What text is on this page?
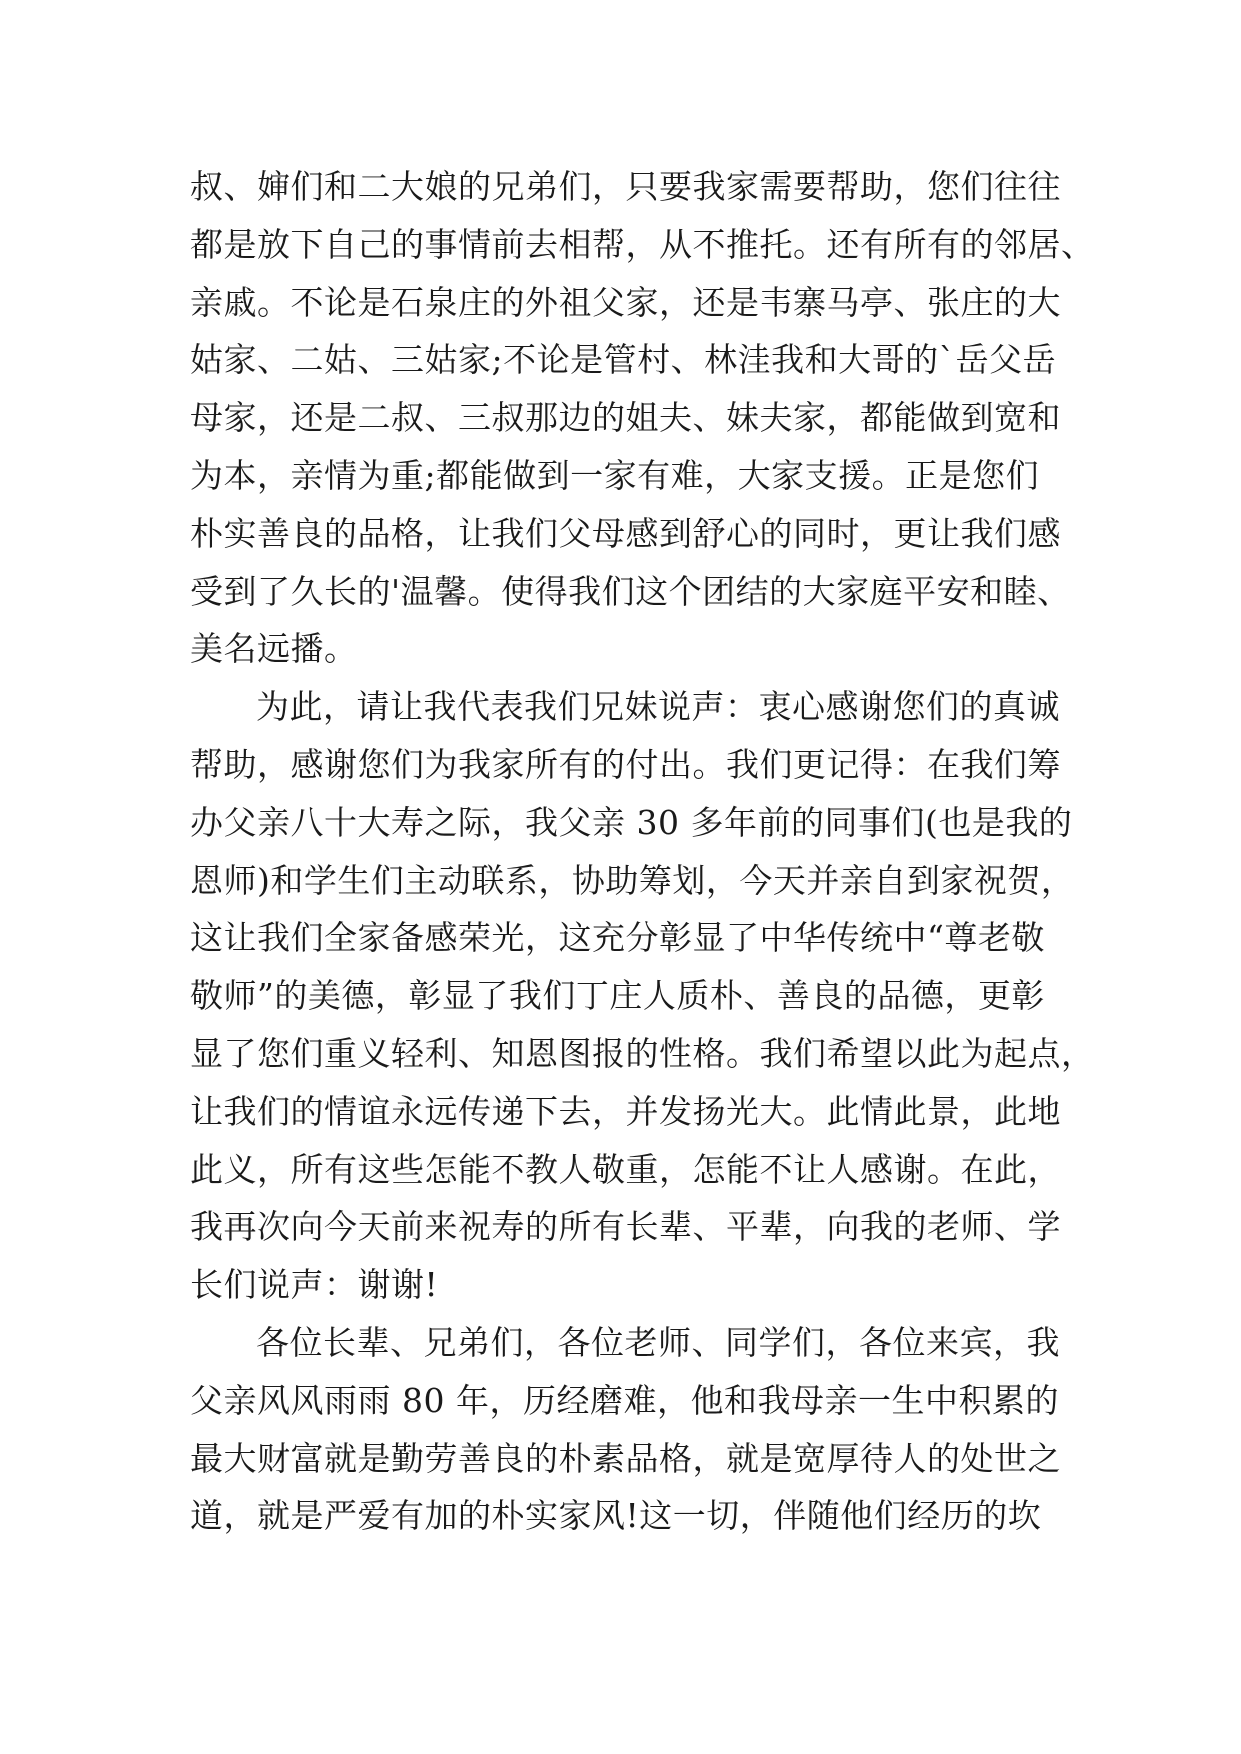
叔、婶们和二大娘的兄弟们，只要我家需要帮助，您们往往
都是放下自己的事情前去相帮，从不推托。还有所有的邻居、
亲戚。不论是石泉庄的外祖父家，还是韦寨马亭、张庄的大
姑家、二姑、三姑家;不论是管村、林洼我和大哥的`岳父岳
母家，还是二叔、三叔那边的姐夫、妹夫家，都能做到宽和
为本，亲情为重;都能做到一家有难，大家支援。正是您们
朴实善良的品格，让我们父母感到舒心的同时，更让我们感
受到了久长的'温馨。使得我们这个团结的大家庭平安和睦、
美名远播。
为此，请让我代表我们兄妹说声：衷心感谢您们的真诚
帮助，感谢您们为我家所有的付出。我们更记得：在我们筹
办父亲八十大寿之际，我父亲 30 多年前的同事们(也是我的
恩师)和学生们主动联系，协助筹划，今天并亲自到家祝贺，
这让我们全家备感荣光，这充分彰显了中华传统中“尊老敬
敬师”的美德，彰显了我们丁庄人质朴、善良的品德，更彰
显了您们重义轻利、知恩图报的性格。我们希望以此为起点，
让我们的情谊永远传递下去，并发扬光大。此情此景，此地
此义，所有这些怎能不教人敬重，怎能不让人感谢。在此，
我再次向今天前来祝寿的所有长辈、平辈，向我的老师、学
长们说声：谢谢!
各位长辈、兄弟们，各位老师、同学们，各位来宾，我
父亲风风雨雨 80 年，历经磨难，他和我母亲一生中积累的
最大财富就是勤劳善良的朴素品格，就是宽厚待人的处世之
道，就是严爱有加的朴实家风!这一切，伴随他们经历的坎
